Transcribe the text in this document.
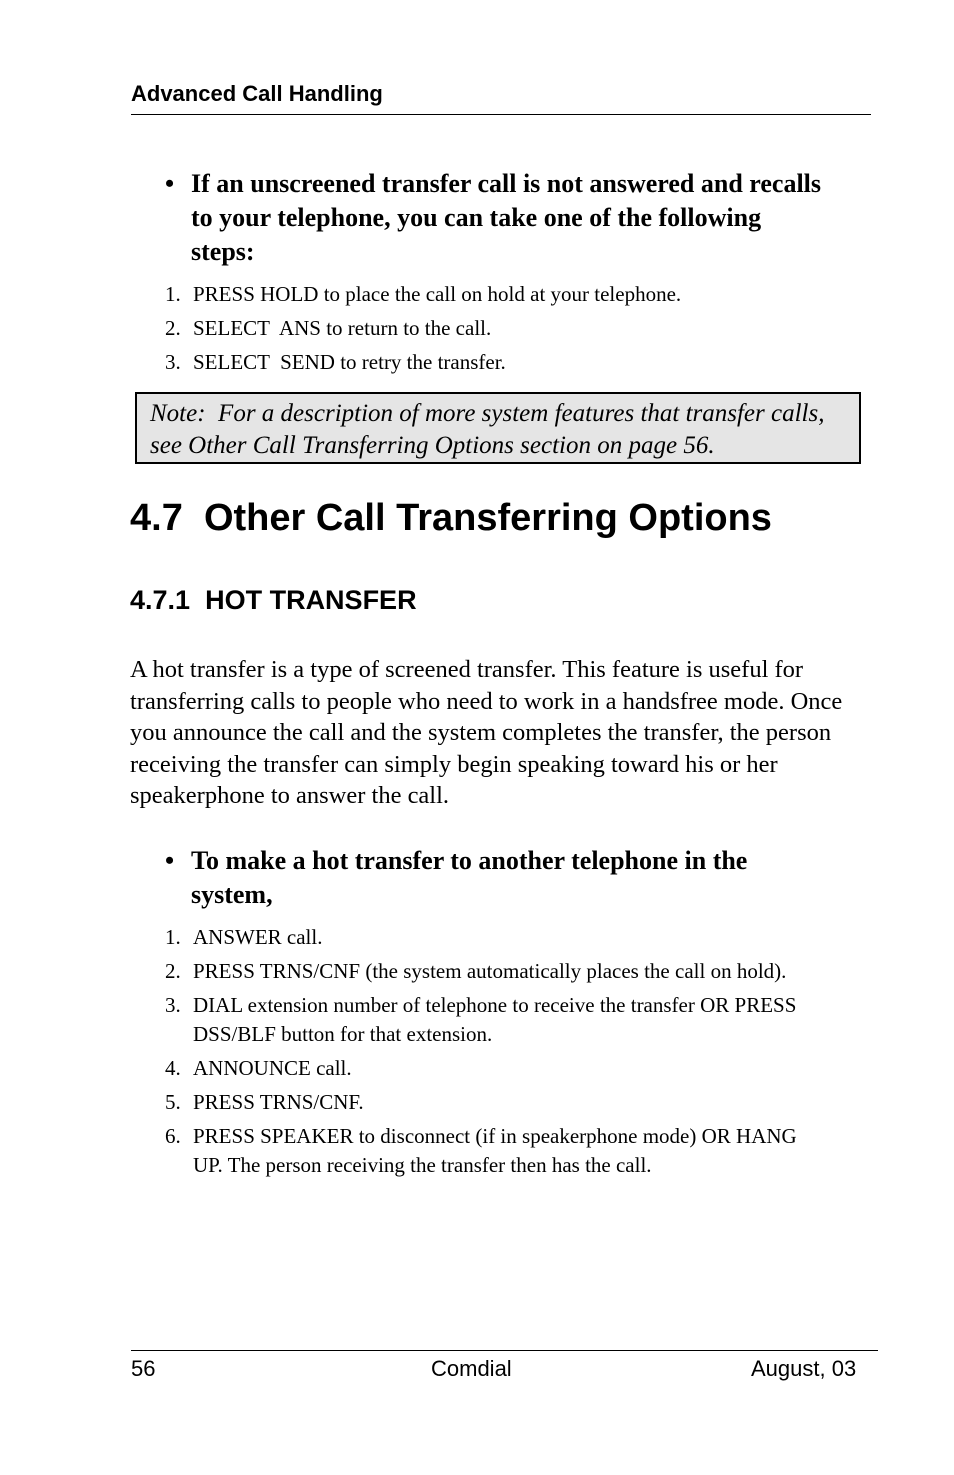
Advanced Call Handling
• If an unscreened transfer call is not answered and recalls to your telephone, you can take one of the following steps:
1. PRESS HOLD to place the call on hold at your telephone.
2. SELECT  ANS to return to the call.
3. SELECT  SEND to retry the transfer.
Note:  For a description of more system features that transfer calls, see Other Call Transferring Options section on page 56.
4.7 Other Call Transferring Options
4.7.1 HOT TRANSFER
A hot transfer is a type of screened transfer. This feature is useful for transferring calls to people who need to work in a handsfree mode. Once you announce the call and the system completes the transfer, the person receiving the transfer can simply begin speaking toward his or her speakerphone to answer the call.
• To make a hot transfer to another telephone in the system,
1. ANSWER call.
2. PRESS TRNS/CNF (the system automatically places the call on hold).
3. DIAL extension number of telephone to receive the transfer OR PRESS DSS/BLF button for that extension.
4. ANNOUNCE call.
5. PRESS TRNS/CNF.
6. PRESS SPEAKER to disconnect (if in speakerphone mode) OR HANG UP. The person receiving the transfer then has the call.
56	Comdial	August, 03
